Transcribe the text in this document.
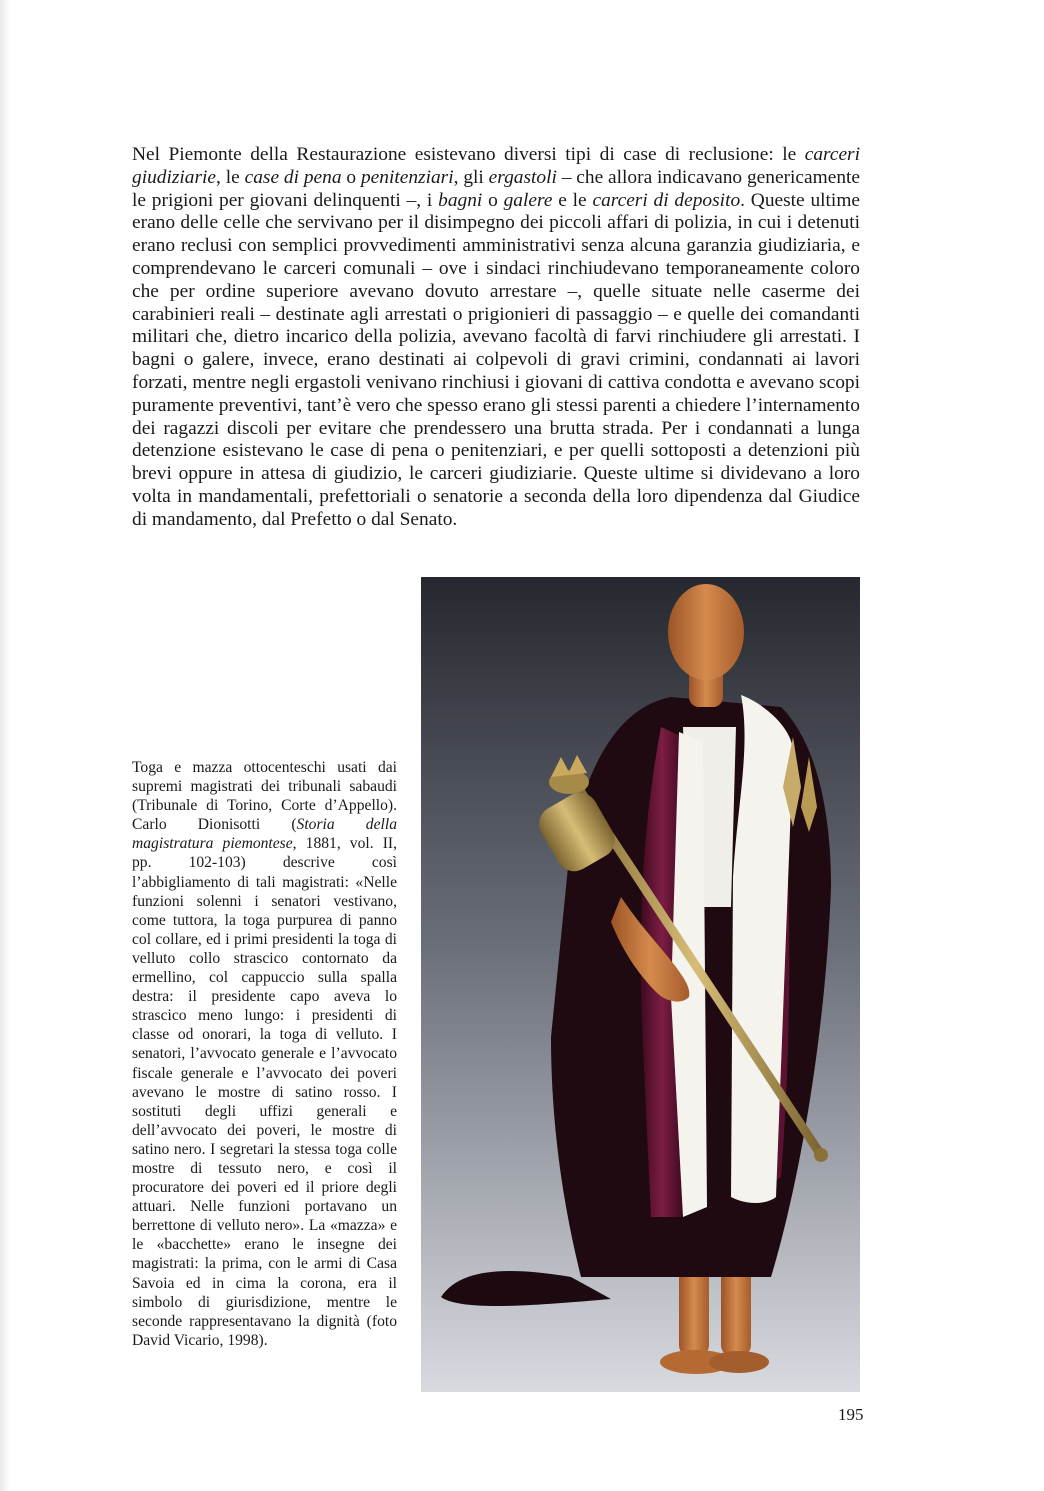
Nel Piemonte della Restaurazione esistevano diversi tipi di case di reclusione: le carceri giudiziarie, le case di pena o penitenziari, gli ergastoli – che allora indicavano genericamente le prigioni per giovani delinquenti –, i bagni o galere e le carceri di deposito. Queste ultime erano delle celle che servivano per il disimpegno dei piccoli affari di polizia, in cui i detenuti erano reclusi con semplici provvedimenti amministrativi senza alcuna garanzia giudiziaria, e comprendevano le carceri comunali – ove i sindaci rinchiudevano temporaneamente coloro che per ordine superiore avevano dovuto arrestare –, quelle situate nelle caserme dei carabinieri reali – destinate agli arrestati o prigionieri di passaggio – e quelle dei comandanti militari che, dietro incarico della polizia, avevano facoltà di farvi rinchiudere gli arrestati. I bagni o galere, invece, erano destinati ai colpevoli di gravi crimini, condannati ai lavori forzati, mentre negli ergastoli venivano rinchiusi i giovani di cattiva condotta e avevano scopi puramente preventivi, tant’è vero che spesso erano gli stessi parenti a chiedere l’internamento dei ragazzi discoli per evitare che prendessero una brutta strada. Per i condannati a lunga detenzione esistevano le case di pena o penitenziari, e per quelli sottoposti a detenzioni più brevi oppure in attesa di giudizio, le carceri giudiziarie. Queste ultime si dividevano a loro volta in mandamentali, prefettoriali o senatorie a seconda della loro dipendenza dal Giudice di mandamento, dal Prefetto o dal Senato.

Toga e mazza ottocenteschi usati dai supremi magistrati dei tribunali sabaudi (Tribunale di Torino, Corte d’Appello). Carlo Dionisotti (Storia della magistratura piemontese, 1881, vol. II, pp. 102-103) descrive così l’abbigliamento di tali magistrati: «Nelle funzioni solenni i senatori vestivano, come tuttora, la toga purpurea di panno col collare, ed i primi presidenti la toga di velluto collo strascico contornato da ermellino, col cappuccio sulla spalla destra: il presidente capo aveva lo strascico meno lungo: i presidenti di classe od onorari, la toga di velluto. I senatori, l’avvocato generale e l’avvocato fiscale generale e l’avvocato dei poveri avevano le mostre di satino rosso. I sostituti degli uffizi generali e dell’avvocato dei poveri, le mostre di satino nero. I segretari la stessa toga colle mostre di tessuto nero, e così il procuratore dei poveri ed il priore degli attuari. Nelle funzioni portavano un berrettone di velluto nero». La «mazza» e le «bacchette» erano le insegne dei magistrati: la prima, con le armi di Casa Savoia ed in cima la corona, era il simbolo di giurisdizione, mentre le seconde rappresentavano la dignità (foto David Vicario, 1998).

195
